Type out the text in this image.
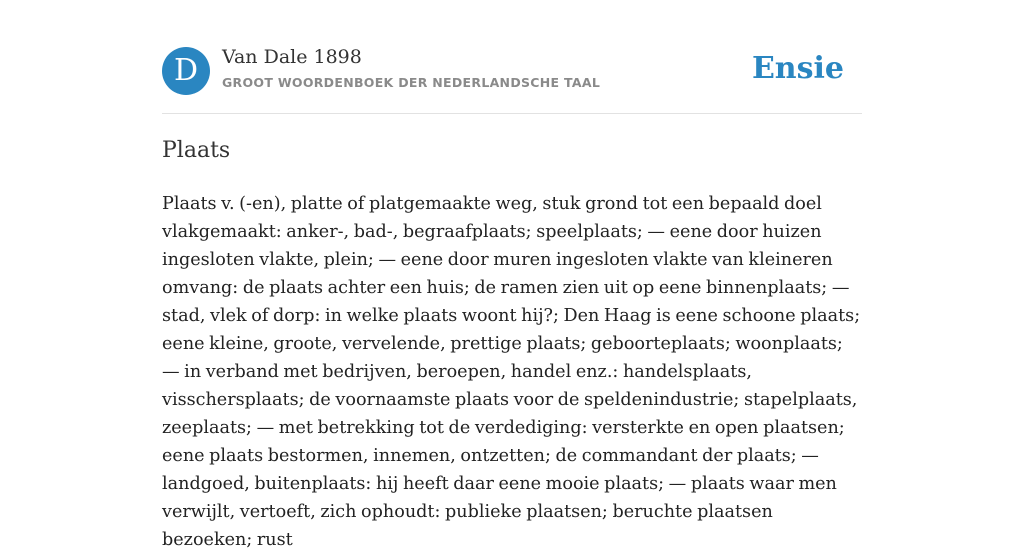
D	Van Dale 1898
GROOT WOORDENBOEK DER NEDERLANDSCHE TAAL	Ensie
Plaats

Plaats v. (-en), platte of platgemaakte weg, stuk grond tot een bepaald doel vlakgemaakt: anker-, bad-, begraafplaats; speelplaats; — eene door huizen ingesloten vlakte, plein; — eene door muren ingesloten vlakte van kleineren omvang: de plaats achter een huis; de ramen zien uit op eene binnenplaats; — stad, vlek of dorp: in welke plaats woont hij?; Den Haag is eene schoone plaats; eene kleine, groote, vervelende, prettige plaats; geboorteplaats; woonplaats; — in verband met bedrijven, beroepen, handel enz.: handelsplaats, visschersplaats; de voornaamste plaats voor de speldenindustrie; stapelplaats, zeeplaats; — met betrekking tot de verdediging: versterkte en open plaatsen; eene plaats bestormen, innemen, ontzetten; de commandant der plaats; — landgoed, buitenplaats: hij heeft daar eene mooie plaats; — plaats waar men verwijlt, vertoeft, zich ophoudt: publieke plaatsen; beruchte plaatsen bezoeken; rust
